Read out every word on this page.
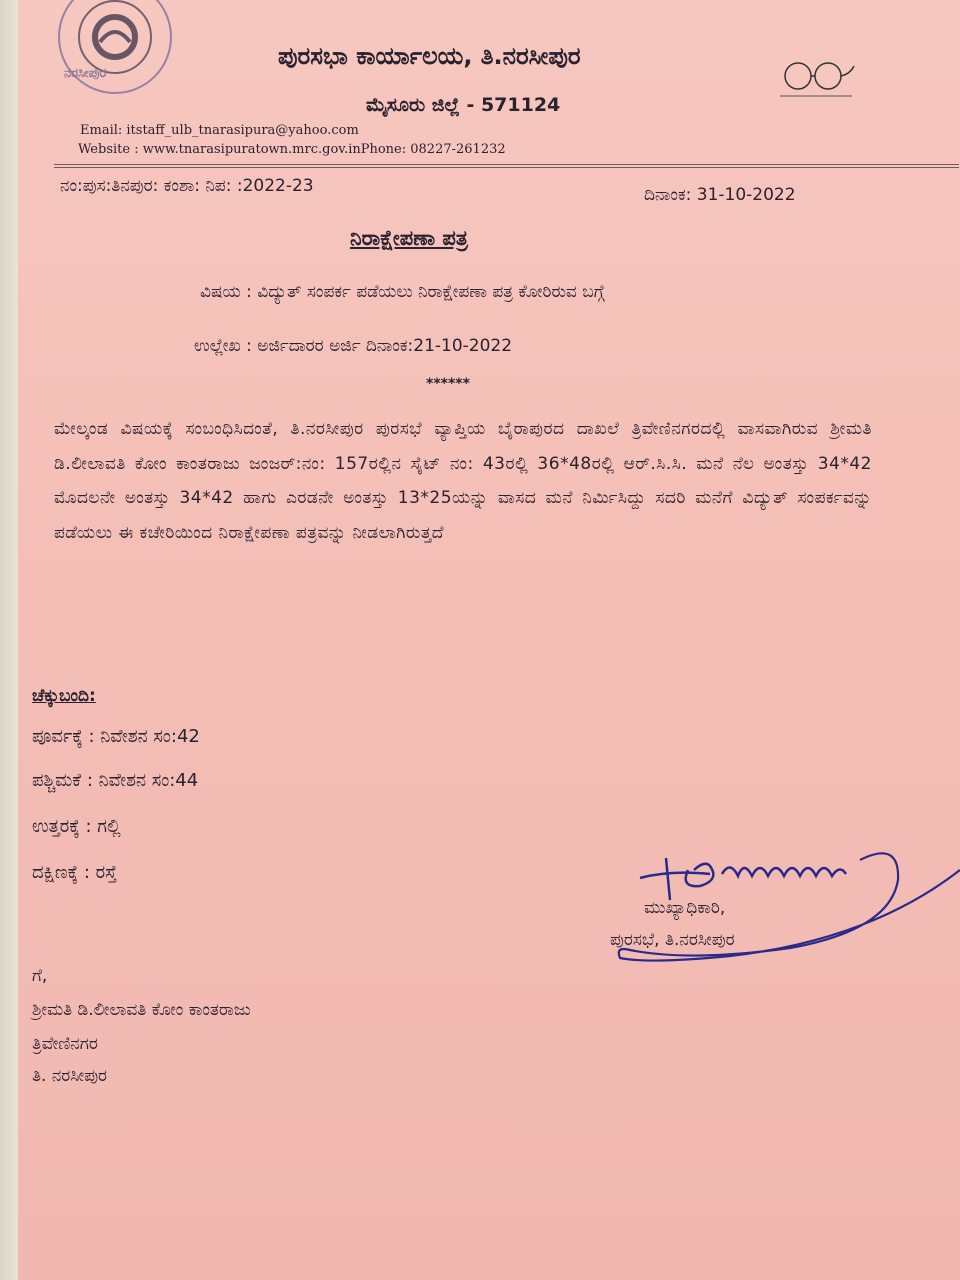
ನರಸೀಪುರ
ಪುರಸಭಾ ಕಾರ್ಯಾಲಯ, ತಿ.ನರಸೀಪುರ
ಮೈಸೂರು ಜಿಲ್ಲೆ - 571124
Email: itstaff_ulb_tnarasipura@yahoo.com
Website : www.tnarasipuratown.mrc.gov.inPhone: 08227-261232
ನಂ:ಪುಸ:ತಿನಪುರ: ಕಂಶಾ: ನಿಪ: :2022-23	ದಿನಾಂಕ: 31-10-2022
ನಿರಾಕ್ಷೇಪಣಾ ಪತ್ರ
ವಿಷಯ : ವಿದ್ಯುತ್ ಸಂಪರ್ಕ ಪಡೆಯಲು ನಿರಾಕ್ಷೇಪಣಾ ಪತ್ರ ಕೋರಿರುವ ಬಗ್ಗೆ
ಉಲ್ಲೇಖ : ಅರ್ಜಿದಾರರ ಅರ್ಜಿ ದಿನಾಂಕ:21-10-2022
******
ಮೇಲ್ಕಂಡ ವಿಷಯಕ್ಕೆ ಸಂಬಂಧಿಸಿದಂತೆ, ತಿ.ನರಸೀಪುರ ಪುರಸಭೆ ವ್ಯಾಪ್ತಿಯ ಬೈರಾಪುರದ ದಾಖಲೆ ತ್ರಿವೇಣಿನಗರದಲ್ಲಿ ವಾಸವಾಗಿರುವ ಶ್ರೀಮತಿ ಡಿ.ಲೀಲಾವತಿ ಕೋಂ ಕಾಂತರಾಜು ಜಂಜರ್:ನಂ: 157ರಲ್ಲಿನ ಸೈಟ್ ನಂ: 43ರಲ್ಲಿ 36*48ರಲ್ಲಿ ಆರ್.ಸಿ.ಸಿ. ಮನೆ ನೆಲ ಅಂತಸ್ತು 34*42 ಮೊದಲನೇ ಅಂತಸ್ತು 34*42 ಹಾಗು ಎರಡನೇ ಅಂತಸ್ತು 13*25ಯನ್ನು ವಾಸದ ಮನೆ ನಿರ್ಮಿಸಿದ್ದು ಸದರಿ ಮನೆಗೆ ವಿದ್ಯುತ್ ಸಂಪರ್ಕವನ್ನು ಪಡೆಯಲು ಈ ಕಚೇರಿಯಿಂದ ನಿರಾಕ್ಷೇಪಣಾ ಪತ್ರವನ್ನು ನೀಡಲಾಗಿರುತ್ತದೆ
ಚೆಕ್ಕುಬಂದಿ:
ಪೂರ್ವಕ್ಕೆ : ನಿವೇಶನ ಸಂ:42
ಪಶ್ಚಿಮಕೆ : ನಿವೇಶನ ಸಂ:44
ಉತ್ತರಕ್ಕೆ : ಗಲ್ಲಿ
ದಕ್ಷಿಣಕ್ಕೆ : ರಸ್ತೆ
ಮುಖ್ಯಾಧಿಕಾರಿ,
ಪುರಸಭೆ, ತಿ.ನರಸೀಪುರ
ಗೆ,
ಶ್ರೀಮತಿ ಡಿ.ಲೀಲಾವತಿ ಕೋಂ ಕಾಂತರಾಜು
ತ್ರಿವೇಣಿನಗರ
ತಿ. ನರಸೀಪುರ
